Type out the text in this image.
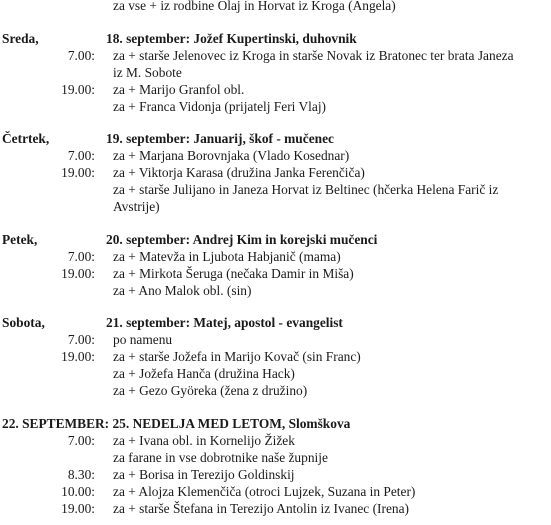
za vse + iz rodbine Olaj in Horvat iz Kroga (Angela)
Sreda,	18. september: Jožef Kupertinski, duhovnik
7.00: za + starše Jelenovec iz Kroga in starše Novak iz Bratonec ter brata Janeza
iz M. Sobote
19.00: za + Marijo Granfol obl.
za + Franca Vidonja (prijatelj Feri Vlaj)
Četrtek,	19. september: Januarij, škof - mučenec
7.00: za + Marjana Borovnjaka (Vlado Kosednar)
19.00: za + Viktorja Karasa (družina Janka Ferenčiča)
za + starše Julijano in Janeza Horvat iz Beltinec (hčerka Helena Farič iz
Avstrije)
Petek,	20. september: Andrej Kim in korejski mučenci
7.00: za + Matevža in Ljubota Habjanič (mama)
19.00: za + Mirkota Šeruga (nečaka Damir in Miša)
za + Ano Malok obl. (sin)
Sobota,	21. september: Matej, apostol - evangelist
7.00: po namenu
19.00: za + starše Jožefa in Marijo Kovač (sin Franc)
za + Jožefa Hanča (družina Hack)
za + Gezo Györeka (žena z družino)
22. SEPTEMBER: 25. NEDELJA MED LETOM, Slomškova
7.00: za + Ivana obl. in Kornelijo Žižek
za farane in vse dobrotnike naše župnije
8.30: za + Borisa in Terezijo Goldinskij
10.00: za + Alojza Klemenčiča (otroci Lujzek, Suzana in Peter)
19.00: za + starše Štefana in Terezijo Antolin iz Ivanec (Irena)
